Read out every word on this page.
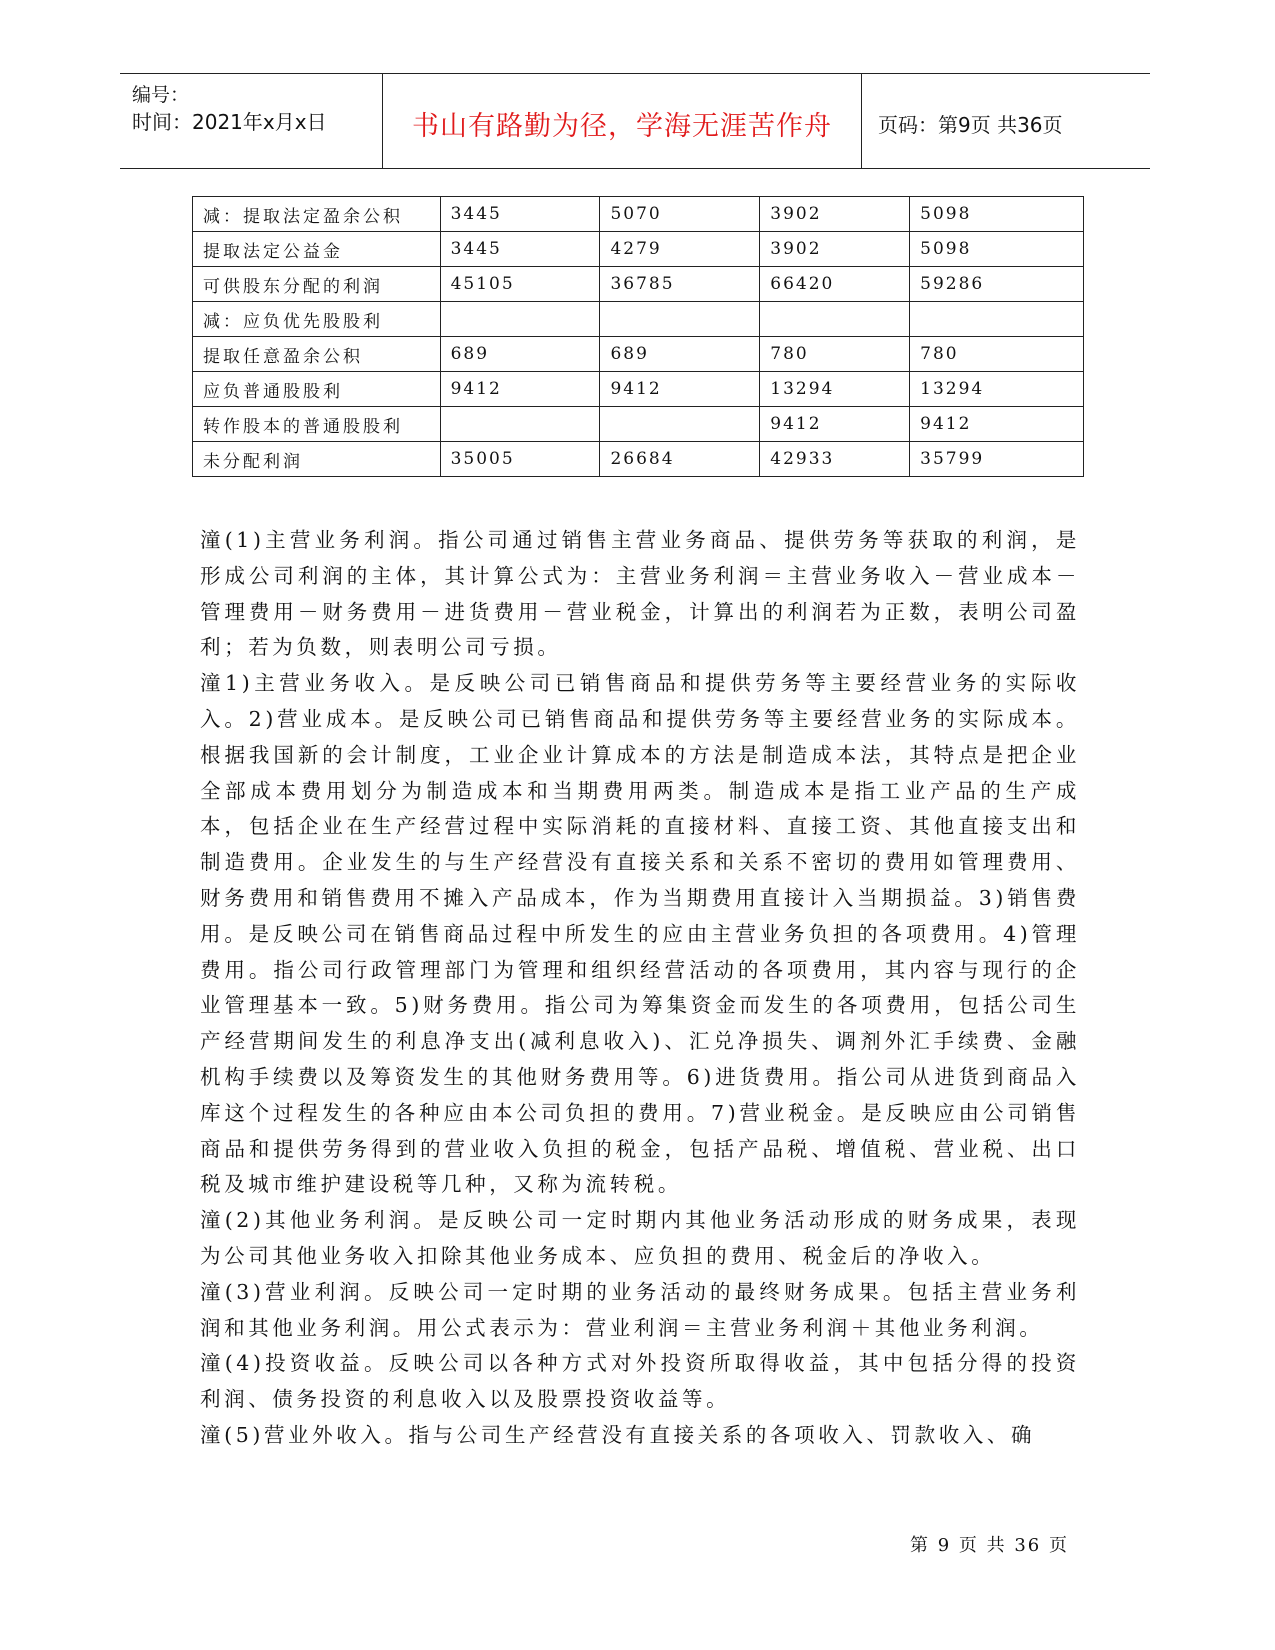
编号：
时间：2021年x月x日	书山有路勤为径，学海无涯苦作舟	页码：第9页 共36页
减：提取法定盈余公积	3445	5070	3902	5098
提取法定公益金	3445	4279	3902	5098
可供股东分配的利润	45105	36785	66420	59286
减：应负优先股股利				
提取任意盈余公积	689	689	780	780
应负普通股股利	9412	9412	13294	13294
转作股本的普通股股利			9412	9412
未分配利润	35005	26684	42933	35799

潼(1)主营业务利润。指公司通过销售主营业务商品、提供劳务等获取的利润，是形成公司利润的主体，其计算公式为：主营业务利润＝主营业务收入－营业成本－管理费用－财务费用－进货费用－营业税金，计算出的利润若为正数，表明公司盈利；若为负数，则表明公司亏损。

潼1)主营业务收入。是反映公司已销售商品和提供劳务等主要经营业务的实际收入。2)营业成本。是反映公司已销售商品和提供劳务等主要经营业务的实际成本。根据我国新的会计制度，工业企业计算成本的方法是制造成本法，其特点是把企业全部成本费用划分为制造成本和当期费用两类。制造成本是指工业产品的生产成本，包括企业在生产经营过程中实际消耗的直接材料、直接工资、其他直接支出和制造费用。企业发生的与生产经营没有直接关系和关系不密切的费用如管理费用、财务费用和销售费用不摊入产品成本，作为当期费用直接计入当期损益。3)销售费用。是反映公司在销售商品过程中所发生的应由主营业务负担的各项费用。4)管理费用。指公司行政管理部门为管理和组织经营活动的各项费用，其内容与现行的企业管理基本一致。5)财务费用。指公司为筹集资金而发生的各项费用，包括公司生产经营期间发生的利息净支出(减利息收入)、汇兑净损失、调剂外汇手续费、金融机构手续费以及筹资发生的其他财务费用等。6)进货费用。指公司从进货到商品入库这个过程发生的各种应由本公司负担的费用。7)营业税金。是反映应由公司销售商品和提供劳务得到的营业收入负担的税金，包括产品税、增值税、营业税、出口税及城市维护建设税等几种，又称为流转税。

潼(2)其他业务利润。是反映公司一定时期内其他业务活动形成的财务成果，表现为公司其他业务收入扣除其他业务成本、应负担的费用、税金后的净收入。

潼(3)营业利润。反映公司一定时期的业务活动的最终财务成果。包括主营业务利润和其他业务利润。用公式表示为：营业利润＝主营业务利润＋其他业务利润。

潼(4)投资收益。反映公司以各种方式对外投资所取得收益，其中包括分得的投资利润、债务投资的利息收入以及股票投资收益等。

潼(5)营业外收入。指与公司生产经营没有直接关系的各项收入、罚款收入、确

第 9 页 共 36 页
